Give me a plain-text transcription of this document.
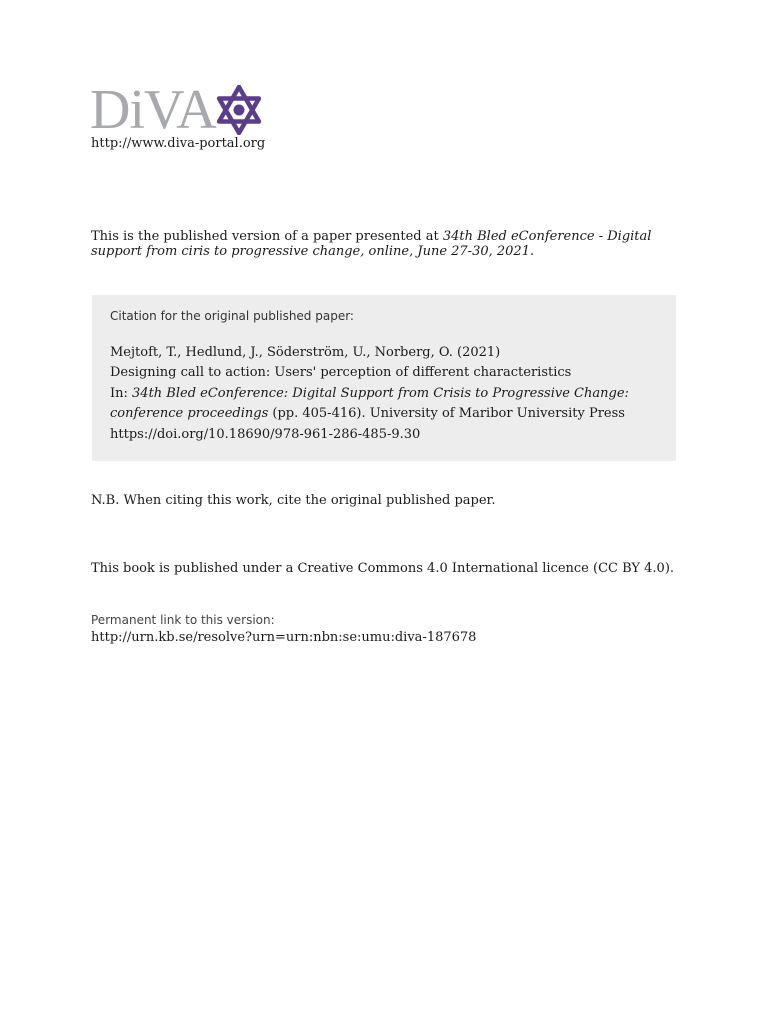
DiVA
http://www.diva-portal.org
This is the published version of a paper presented at 34th Bled eConference - Digital support from ciris to progressive change, online, June 27-30, 2021.
Citation for the original published paper:
Mejtoft, T., Hedlund, J., Söderström, U., Norberg, O. (2021)
Designing call to action: Users' perception of different characteristics
In: 34th Bled eConference: Digital Support from Crisis to Progressive Change:
conference proceedings (pp. 405-416). University of Maribor University Press
https://doi.org/10.18690/978-961-286-485-9.30
N.B. When citing this work, cite the original published paper.
This book is published under a Creative Commons 4.0 International licence (CC BY 4.0).
Permanent link to this version:
http://urn.kb.se/resolve?urn=urn:nbn:se:umu:diva-187678
